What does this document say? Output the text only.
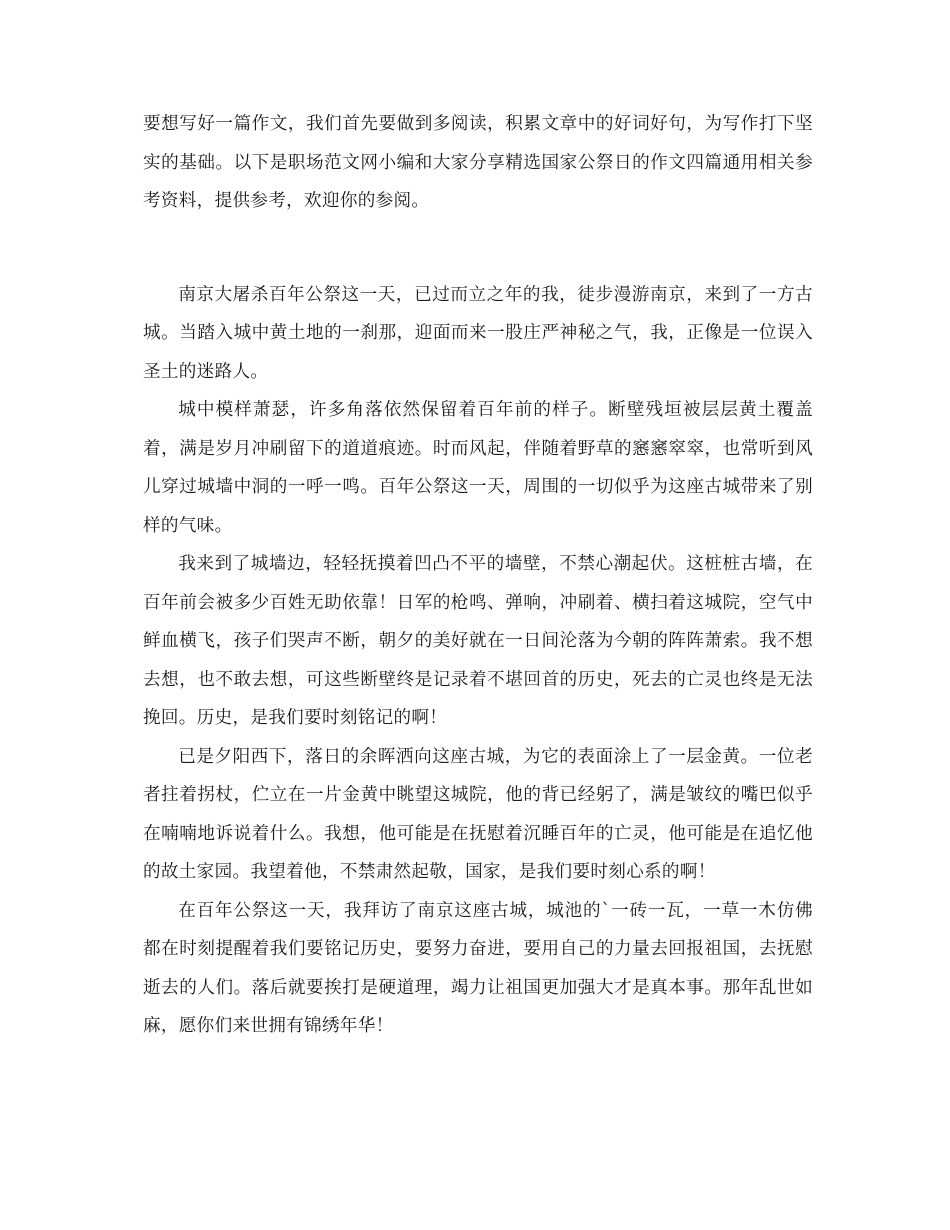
要想写好一篇作文，我们首先要做到多阅读，积累文章中的好词好句，为写作打下坚实的基础。以下是职场范文网小编和大家分享精选国家公祭日的作文四篇通用相关参考资料，提供参考，欢迎你的参阅。

南京大屠杀百年公祭这一天，已过而立之年的我，徒步漫游南京，来到了一方古城。当踏入城中黄土地的一刹那，迎面而来一股庄严神秘之气，我，正像是一位误入圣土的迷路人。

城中模样萧瑟，许多角落依然保留着百年前的样子。断壁残垣被层层黄土覆盖着，满是岁月冲刷留下的道道痕迹。时而风起，伴随着野草的窸窸窣窣，也常听到风儿穿过城墙中洞的一呼一鸣。百年公祭这一天，周围的一切似乎为这座古城带来了别样的气味。

我来到了城墙边，轻轻抚摸着凹凸不平的墙壁，不禁心潮起伏。这桩桩古墙，在百年前会被多少百姓无助依靠！日军的枪鸣、弹响，冲刷着、横扫着这城院，空气中鲜血横飞，孩子们哭声不断，朝夕的美好就在一日间沦落为今朝的阵阵萧索。我不想去想，也不敢去想，可这些断壁终是记录着不堪回首的历史，死去的亡灵也终是无法挽回。历史，是我们要时刻铭记的啊！

已是夕阳西下，落日的余晖洒向这座古城，为它的表面涂上了一层金黄。一位老者拄着拐杖，伫立在一片金黄中眺望这城院，他的背已经躬了，满是皱纹的嘴巴似乎在喃喃地诉说着什么。我想，他可能是在抚慰着沉睡百年的亡灵，他可能是在追忆他的故土家园。我望着他，不禁肃然起敬，国家，是我们要时刻心系的啊！

在百年公祭这一天，我拜访了南京这座古城，城池的`一砖一瓦，一草一木仿佛都在时刻提醒着我们要铭记历史，要努力奋进，要用自己的力量去回报祖国，去抚慰逝去的人们。落后就要挨打是硬道理，竭力让祖国更加强大才是真本事。那年乱世如麻，愿你们来世拥有锦绣年华！
